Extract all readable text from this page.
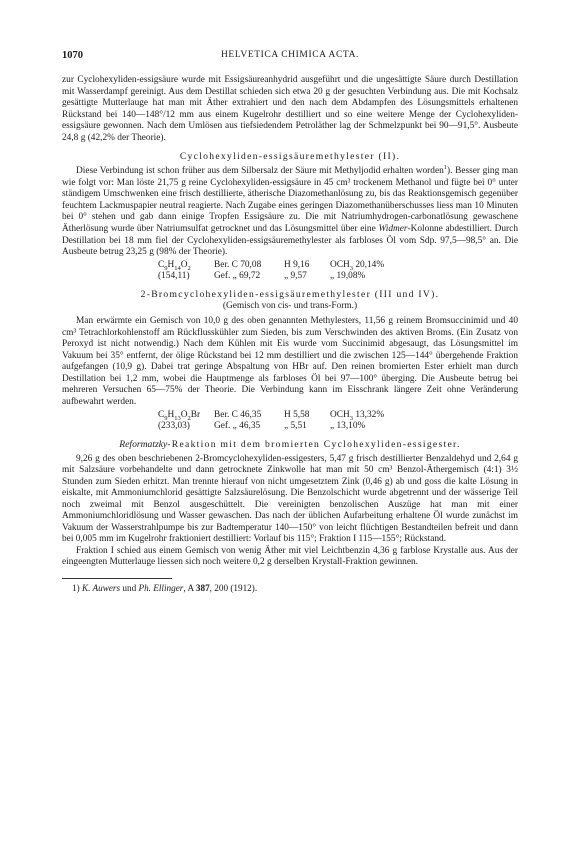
1070	HELVETICA CHIMICA ACTA.

zur Cyclohexyliden-essigsäure wurde mit Essigsäureanhydrid ausgeführt und die ungesättigte Säure durch Destillation mit Wasserdampf gereinigt. Aus dem Destillat schieden sich etwa 20 g der gesuchten Verbindung aus. Die mit Kochsalz gesättigte Mutterlauge hat man mit Äther extrahiert und den nach dem Abdampfen des Lösungsmittels erhaltenen Rückstand bei 140—148°/12 mm aus einem Kugelrohr destilliert und so eine weitere Menge der Cyclohexyliden-essigsäure gewonnen. Nach dem Umlösen aus tiefsiedendem Petroläther lag der Schmelzpunkt bei 90—91,5°. Ausbeute 24,8 g (42,2% der Theorie).

Cyclohexyliden-essigsäuremethylester (II).

Diese Verbindung ist schon früher aus dem Silbersalz der Säure mit Methyljodid erhalten worden$^1$). Besser ging man wie folgt vor: Man löste 21,75 g reine Cyclohexyliden-essigsäure in 45 cm³ trockenem Methanol und fügte bei 0° unter ständigem Umschwenken eine frisch destillierte, ätherische Diazomethanlösung zu, bis das Reaktionsgemisch gegenüber feuchtem Lackmuspapier neutral reagierte. Nach Zugabe eines geringen Diazomethanüberschusses liess man 10 Minuten bei 0° stehen und gab dann einige Tropfen Essigsäure zu. Die mit Natriumhydrogen-carbonatlösung gewaschene Ätherlösung wurde über Natriumsulfat getrocknet und das Lösungsmittel über eine Widmer-Kolonne abdestilliert. Durch Destillation bei 18 mm fiel der Cyclohexyliden-essigsäuremethylester als farbloses Öl vom Sdp. 97,5—98,5° an. Die Ausbeute betrug 23,25 g (98% der Theorie).

$C_9H_{14}O_2$ Ber. C 70,08 H 9,16 $OCH_3$ 20,14%
(154,11)	Gef. „ 69,72	„ 9,57 „ 19,08%
2-Bromcyclohexyliden-essigsäuremethylester (III und IV).
(Gemisch von cis- und trans-Form.)

Man erwärmte ein Gemisch von 10,0 g des oben genannten Methylesters, 11,56 g reinem Bromsuccinimid und 40 cm³ Tetrachlorkohlenstoff am Rückflusskühler zum Sieden, bis zum Verschwinden des aktiven Broms. (Ein Zusatz von Peroxyd ist nicht notwendig.) Nach dem Kühlen mit Eis wurde vom Succinimid abgesaugt, das Lösungsmittel im Vakuum bei 35° entfernt, der ölige Rückstand bei 12 mm destilliert und die zwischen 125—144° übergehende Fraktion aufgefangen (10,9 g). Dabei trat geringe Abspaltung von HBr auf. Den reinen bromierten Ester erhielt man durch Destillation bei 1,2 mm, wobei die Hauptmenge als farbloses Öl bei 97—100° überging. Die Ausbeute betrug bei mehreren Versuchen 65—75% der Theorie. Die Verbindung kann im Eisschrank längere Zeit ohne Veränderung aufbewahrt werden.

$C_9H_{13}O_2Br$ Ber. C 46,35 H 5,58 $OCH_3$ 13,32%
(233,03)	Gef. „ 46,35	„ 5,51 „ 13,10%
Reformatzky-Reaktion mit dem bromierten Cyclohexyliden-essigester.

9,26 g des oben beschriebenen 2-Bromcyclohexyliden-essigesters, 5,47 g frisch destillierter Benzaldehyd und 2,64 g mit Salzsäure vorbehandelte und dann getrocknete Zinkwolle hat man mit 50 cm³ Benzol-Äthergemisch (4:1) 3½ Stunden zum Sieden erhitzt. Man trennte hierauf von nicht umgesetztem Zink (0,46 g) ab und goss die kalte Lösung in eiskalte, mit Ammoniumchlorid gesättigte Salzsäurelösung. Die Benzolschicht wurde abgetrennt und der wässerige Teil noch zweimal mit Benzol ausgeschüttelt. Die vereinigten benzolischen Auszüge hat man mit einer Ammoniumchloridlösung und Wasser gewaschen. Das nach der üblichen Aufarbeitung erhaltene Öl wurde zunächst im Vakuum der Wasserstrahlpumpe bis zur Badtemperatur 140—150° von leicht flüchtigen Bestandteilen befreit und dann bei 0,005 mm im Kugelrohr fraktioniert destilliert: Vorlauf bis 115°; Fraktion I 115—155°; Rückstand.

Fraktion I schied aus einem Gemisch von wenig Äther mit viel Leichtbenzin 4,36 g farblose Krystalle aus. Aus der eingeengten Mutterlauge liessen sich noch weitere 0,2 g derselben Krystall-Fraktion gewinnen.

1) K. Auwers und Ph. Ellinger, A 387, 200 (1912).
